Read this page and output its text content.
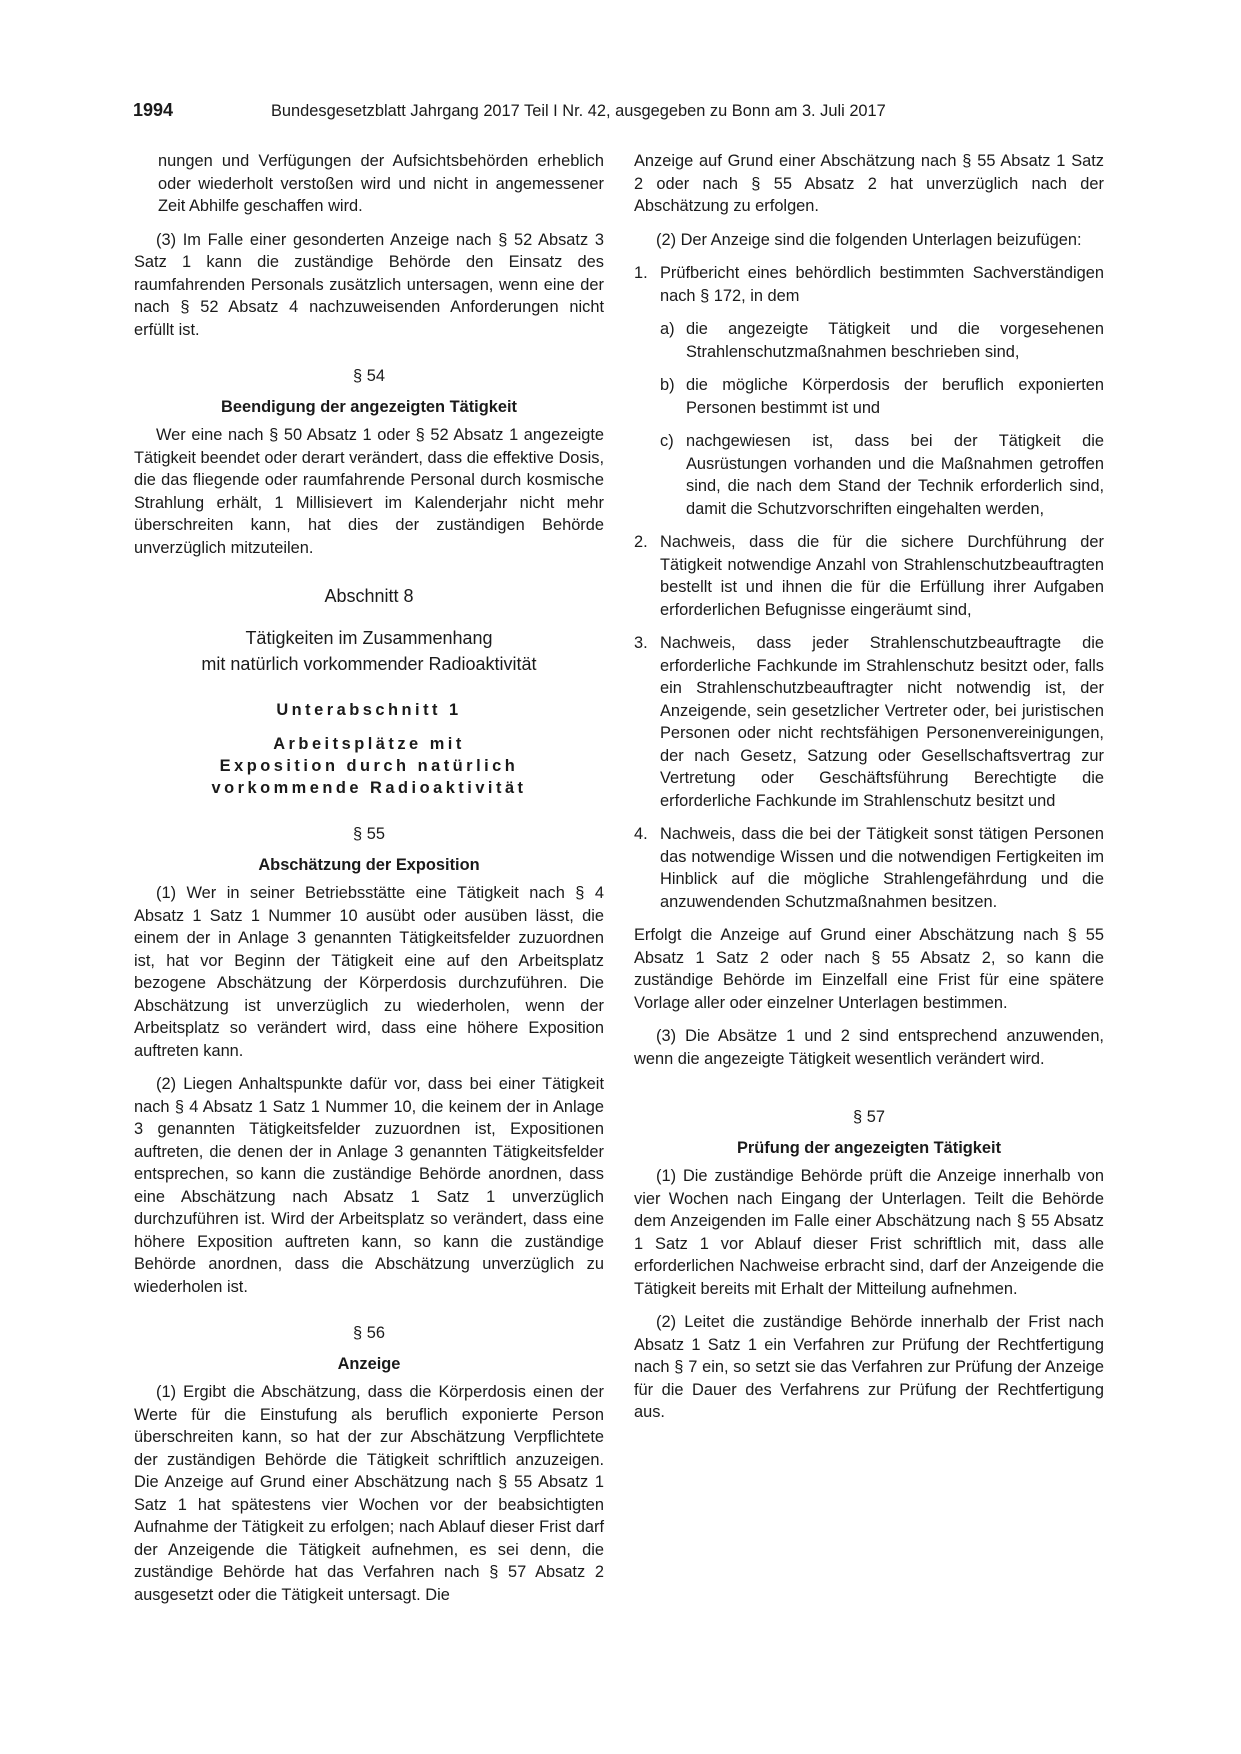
1994	Bundesgesetzblatt Jahrgang 2017 Teil I Nr. 42, ausgegeben zu Bonn am 3. Juli 2017

nungen und Verfügungen der Aufsichtsbehörden erheblich oder wiederholt verstoßen wird und nicht in angemessener Zeit Abhilfe geschaffen wird.

(3) Im Falle einer gesonderten Anzeige nach § 52 Absatz 3 Satz 1 kann die zuständige Behörde den Einsatz des raumfahrenden Personals zusätzlich untersagen, wenn eine der nach § 52 Absatz 4 nachzuweisenden Anforderungen nicht erfüllt ist.

§ 54
Beendigung der angezeigten Tätigkeit

Wer eine nach § 50 Absatz 1 oder § 52 Absatz 1 angezeigte Tätigkeit beendet oder derart verändert, dass die effektive Dosis, die das fliegende oder raumfahrende Personal durch kosmische Strahlung erhält, 1 Millisievert im Kalenderjahr nicht mehr überschreiten kann, hat dies der zuständigen Behörde unverzüglich mitzuteilen.

Abschnitt 8
Tätigkeiten im Zusammenhang
mit natürlich vorkommender Radioaktivität
Unterabschnitt 1
Arbeitsplätze mit
Exposition durch natürlich
vorkommende Radioaktivität
§ 55
Abschätzung der Exposition

(1) Wer in seiner Betriebsstätte eine Tätigkeit nach § 4 Absatz 1 Satz 1 Nummer 10 ausübt oder ausüben lässt, die einem der in Anlage 3 genannten Tätigkeitsfelder zuzuordnen ist, hat vor Beginn der Tätigkeit eine auf den Arbeitsplatz bezogene Abschätzung der Körperdosis durchzuführen. Die Abschätzung ist unverzüglich zu wiederholen, wenn der Arbeitsplatz so verändert wird, dass eine höhere Exposition auftreten kann.

(2) Liegen Anhaltspunkte dafür vor, dass bei einer Tätigkeit nach § 4 Absatz 1 Satz 1 Nummer 10, die keinem der in Anlage 3 genannten Tätigkeitsfelder zuzuordnen ist, Expositionen auftreten, die denen der in Anlage 3 genannten Tätigkeitsfelder entsprechen, so kann die zuständige Behörde anordnen, dass eine Abschätzung nach Absatz 1 Satz 1 unverzüglich durchzuführen ist. Wird der Arbeitsplatz so verändert, dass eine höhere Exposition auftreten kann, so kann die zuständige Behörde anordnen, dass die Abschätzung unverzüglich zu wiederholen ist.

§ 56
Anzeige

(1) Ergibt die Abschätzung, dass die Körperdosis einen der Werte für die Einstufung als beruflich exponierte Person überschreiten kann, so hat der zur Abschätzung Verpflichtete der zuständigen Behörde die Tätigkeit schriftlich anzuzeigen. Die Anzeige auf Grund einer Abschätzung nach § 55 Absatz 1 Satz 1 hat spätestens vier Wochen vor der beabsichtigten Aufnahme der Tätigkeit zu erfolgen; nach Ablauf dieser Frist darf der Anzeigende die Tätigkeit aufnehmen, es sei denn, die zuständige Behörde hat das Verfahren nach § 57 Absatz 2 ausgesetzt oder die Tätigkeit untersagt. Die

Anzeige auf Grund einer Abschätzung nach § 55 Absatz 1 Satz 2 oder nach § 55 Absatz 2 hat unverzüglich nach der Abschätzung zu erfolgen.

(2) Der Anzeige sind die folgenden Unterlagen beizufügen:

1. Prüfbericht eines behördlich bestimmten Sachverständigen nach § 172, in dem
a) die angezeigte Tätigkeit und die vorgesehenen Strahlenschutzmaßnahmen beschrieben sind,
b) die mögliche Körperdosis der beruflich exponierten Personen bestimmt ist und
c) nachgewiesen ist, dass bei der Tätigkeit die Ausrüstungen vorhanden und die Maßnahmen getroffen sind, die nach dem Stand der Technik erforderlich sind, damit die Schutzvorschriften eingehalten werden,
2. Nachweis, dass die für die sichere Durchführung der Tätigkeit notwendige Anzahl von Strahlenschutzbeauftragten bestellt ist und ihnen die für die Erfüllung ihrer Aufgaben erforderlichen Befugnisse eingeräumt sind,
3. Nachweis, dass jeder Strahlenschutzbeauftragte die erforderliche Fachkunde im Strahlenschutz besitzt oder, falls ein Strahlenschutzbeauftragter nicht notwendig ist, der Anzeigende, sein gesetzlicher Vertreter oder, bei juristischen Personen oder nicht rechtsfähigen Personenvereinigungen, der nach Gesetz, Satzung oder Gesellschaftsvertrag zur Vertretung oder Geschäftsführung Berechtigte die erforderliche Fachkunde im Strahlenschutz besitzt und
4. Nachweis, dass die bei der Tätigkeit sonst tätigen Personen das notwendige Wissen und die notwendigen Fertigkeiten im Hinblick auf die mögliche Strahlengefährdung und die anzuwendenden Schutzmaßnahmen besitzen.

Erfolgt die Anzeige auf Grund einer Abschätzung nach § 55 Absatz 1 Satz 2 oder nach § 55 Absatz 2, so kann die zuständige Behörde im Einzelfall eine Frist für eine spätere Vorlage aller oder einzelner Unterlagen bestimmen.

(3) Die Absätze 1 und 2 sind entsprechend anzuwenden, wenn die angezeigte Tätigkeit wesentlich verändert wird.

§ 57
Prüfung der angezeigten Tätigkeit

(1) Die zuständige Behörde prüft die Anzeige innerhalb von vier Wochen nach Eingang der Unterlagen. Teilt die Behörde dem Anzeigenden im Falle einer Abschätzung nach § 55 Absatz 1 Satz 1 vor Ablauf dieser Frist schriftlich mit, dass alle erforderlichen Nachweise erbracht sind, darf der Anzeigende die Tätigkeit bereits mit Erhalt der Mitteilung aufnehmen.

(2) Leitet die zuständige Behörde innerhalb der Frist nach Absatz 1 Satz 1 ein Verfahren zur Prüfung der Rechtfertigung nach § 7 ein, so setzt sie das Verfahren zur Prüfung der Anzeige für die Dauer des Verfahrens zur Prüfung der Rechtfertigung aus.
